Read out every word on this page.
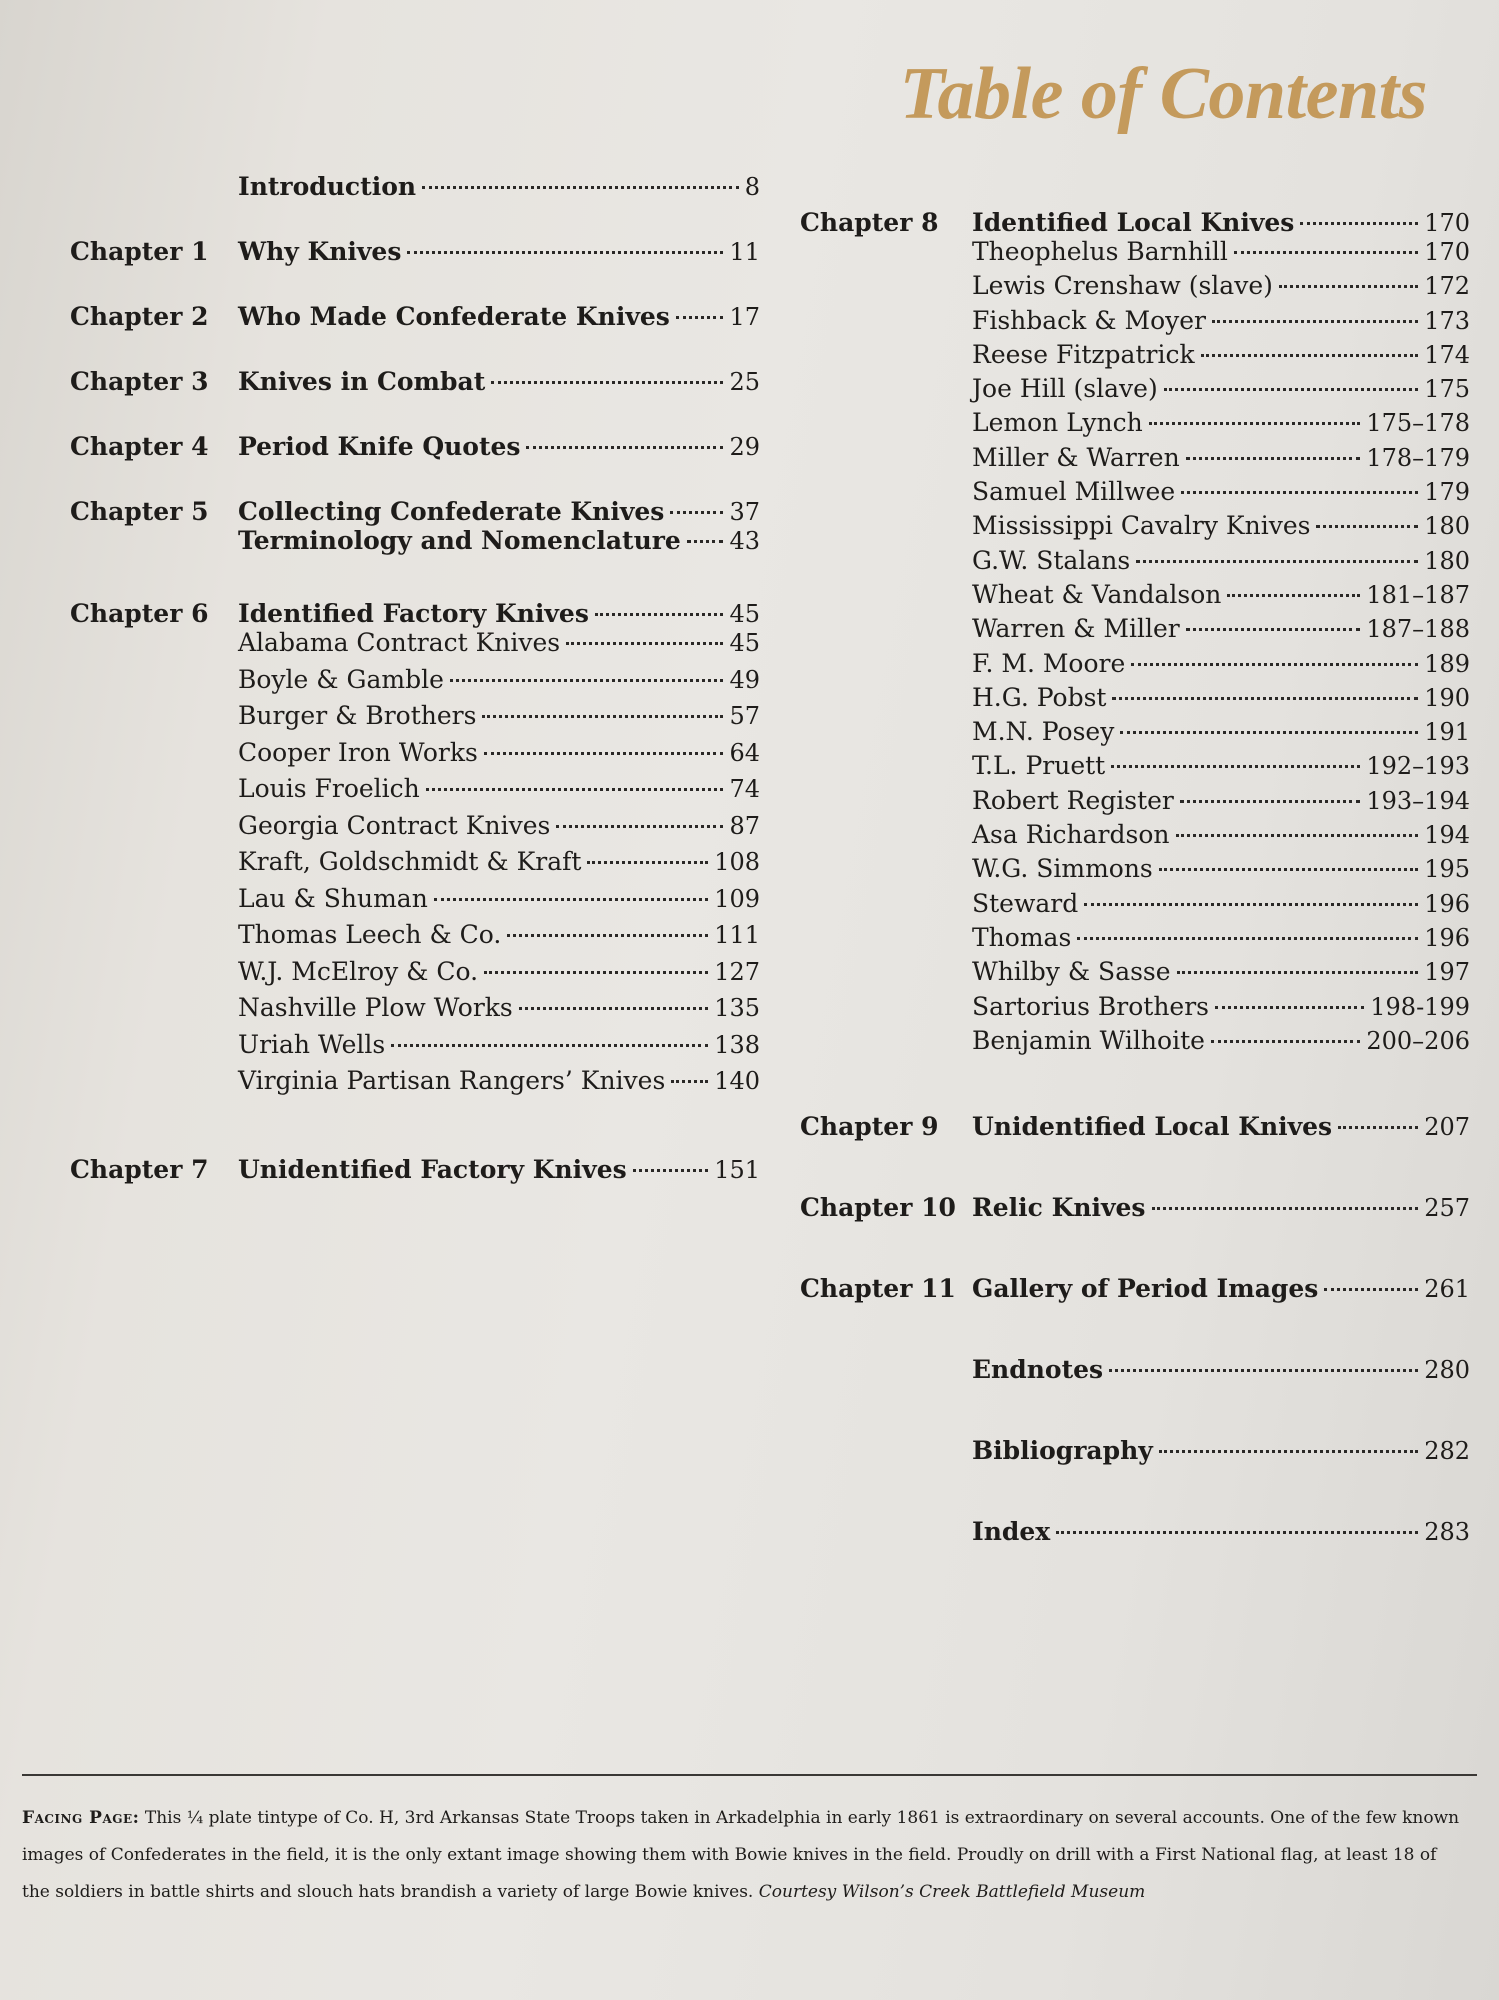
Table of Contents
Introduction	8
Chapter 1	Why Knives	11
Chapter 2	Who Made Confederate Knives 17
Chapter 3	Knives in Combat	25
Chapter 4	Period Knife Quotes	29
Chapter 5	Collecting Confederate Knives	37
Terminology and Nomenclature 43
Chapter 6	Identified Factory Knives	45
Alabama Contract Knives	45
Boyle & Gamble	49
Burger & Brothers	57
Cooper Iron Works	64
Louis Froelich	74
Georgia Contract Knives	87
Kraft, Goldschmidt & Kraft	108
Lau & Shuman	109
Thomas Leech & Co.	111
W.J. McElroy & Co.	127
Nashville Plow Works	135
Uriah Wells	138
Virginia Partisan Rangers’ Knives 140
Chapter 7	Unidentified Factory Knives	151
Chapter 8	Identified Local Knives	170
Theophelus Barnhill	170
Lewis Crenshaw (slave)	172
Fishback & Moyer	173
Reese Fitzpatrick	174
Joe Hill (slave)	175
Lemon Lynch	175–178
Miller & Warren	178–179
Samuel Millwee	179
Mississippi Cavalry Knives	180
G.W. Stalans	180
Wheat & Vandalson	181–187
Warren & Miller	187–188
F. M. Moore	189
H.G. Pobst	190
M.N. Posey	191
T.L. Pruett	192–193
Robert Register	193–194
Asa Richardson	194
W.G. Simmons	195
Steward	196
Thomas	196
Whilby & Sasse	197
Sartorius Brothers	198-199
Benjamin Wilhoite	200–206
Chapter 9	Unidentified Local Knives	207
Chapter 10 Relic Knives	257
Chapter 11 Gallery of Period Images	261
Endnotes	280
Bibliography	282
Index	283
Facing Page: This ¼ plate tintype of Co. H, 3rd Arkansas State Troops taken in Arkadelphia in early 1861 is extraordinary on several accounts. One of the few known images of Confederates in the field, it is the only extant image showing them with Bowie knives in the field. Proudly on drill with a First National flag, at least 18 of the soldiers in battle shirts and slouch hats brandish a variety of large Bowie knives. Courtesy Wilson’s Creek Battlefield Museum
